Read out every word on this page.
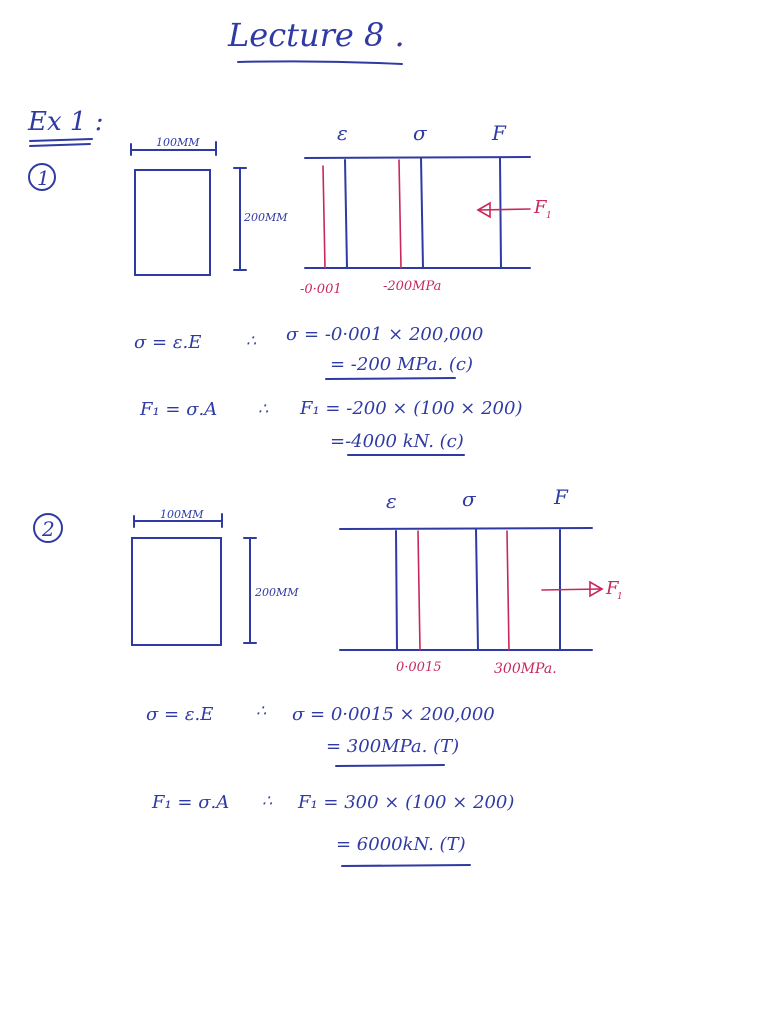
Lecture 8 .
Ex 1 :
1
100MM
200MM
ε	σ	F
F 1
-0·001	-200MPa
σ = ε.E	∴ σ = -0·001 × 200,000
= -200 MPa. (c)
F₁ = σ.A	∴ F₁ = -200 × (100 × 200)
=-4000 kN. (c)
2
100MM
200MM
ε	σ	F
F
1
0·0015	300MPa.
σ = ε.E	∴ σ = 0·0015 × 200,000
= 300MPa. (T)
F₁ = σ.A ∴ F₁ = 300 × (100 × 200)
= 6000kN. (T)
